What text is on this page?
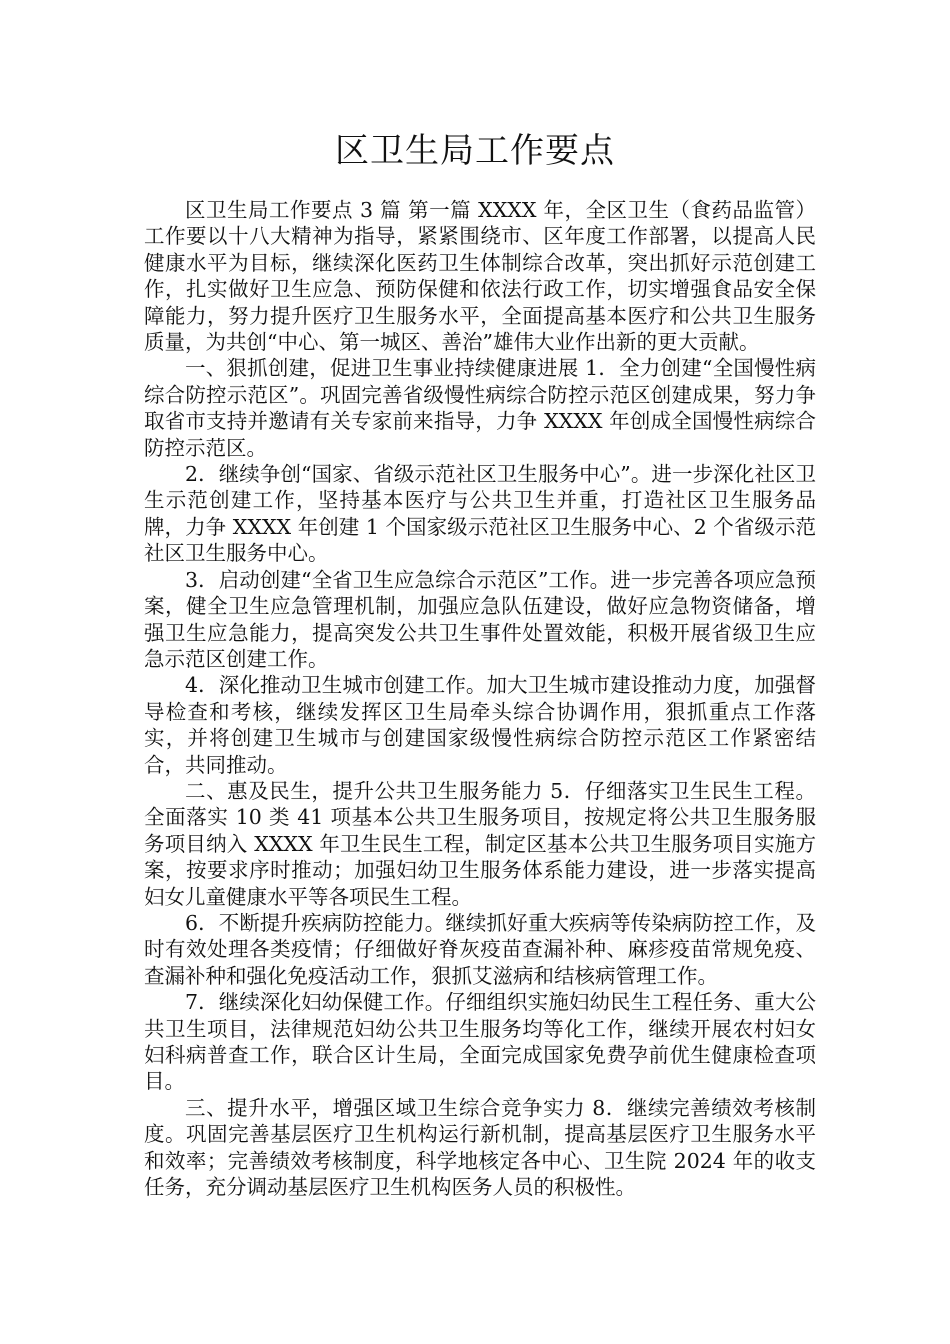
区卫生局工作要点

区卫生局工作要点 3 篇 第一篇 XXXX 年，全区卫生（食药品监管）工作要以十八大精神为指导，紧紧围绕市、区年度工作部署，以提高人民健康水平为目标，继续深化医药卫生体制综合改革，突出抓好示范创建工作，扎实做好卫生应急、预防保健和依法行政工作，切实增强食品安全保障能力，努力提升医疗卫生服务水平，全面提高基本医疗和公共卫生服务质量，为共创“中心、第一城区、善治”雄伟大业作出新的更大贡献。

一、狠抓创建，促进卫生事业持续健康进展 1．全力创建“全国慢性病综合防控示范区”。巩固完善省级慢性病综合防控示范区创建成果，努力争取省市支持并邀请有关专家前来指导，力争 XXXX 年创成全国慢性病综合防控示范区。

2．继续争创“国家、省级示范社区卫生服务中心”。进一步深化社区卫生示范创建工作，坚持基本医疗与公共卫生并重，打造社区卫生服务品牌，力争 XXXX 年创建 1 个国家级示范社区卫生服务中心、2 个省级示范社区卫生服务中心。

3．启动创建“全省卫生应急综合示范区”工作。进一步完善各项应急预案，健全卫生应急管理机制，加强应急队伍建设，做好应急物资储备，增强卫生应急能力，提高突发公共卫生事件处置效能，积极开展省级卫生应急示范区创建工作。

4．深化推动卫生城市创建工作。加大卫生城市建设推动力度，加强督导检查和考核，继续发挥区卫生局牵头综合协调作用，狠抓重点工作落实，并将创建卫生城市与创建国家级慢性病综合防控示范区工作紧密结合，共同推动。

二、惠及民生，提升公共卫生服务能力 5．仔细落实卫生民生工程。全面落实 10 类 41 项基本公共卫生服务项目，按规定将公共卫生服务服务项目纳入 XXXX 年卫生民生工程，制定区基本公共卫生服务项目实施方案，按要求序时推动；加强妇幼卫生服务体系能力建设，进一步落实提高妇女儿童健康水平等各项民生工程。

6．不断提升疾病防控能力。继续抓好重大疾病等传染病防控工作，及时有效处理各类疫情；仔细做好脊灰疫苗查漏补种、麻疹疫苗常规免疫、查漏补种和强化免疫活动工作，狠抓艾滋病和结核病管理工作。

7．继续深化妇幼保健工作。仔细组织实施妇幼民生工程任务、重大公共卫生项目，法律规范妇幼公共卫生服务均等化工作，继续开展农村妇女妇科病普查工作，联合区计生局，全面完成国家免费孕前优生健康检查项目。

三、提升水平，增强区域卫生综合竞争实力 8．继续完善绩效考核制度。巩固完善基层医疗卫生机构运行新机制，提高基层医疗卫生服务水平和效率；完善绩效考核制度，科学地核定各中心、卫生院 2024 年的收支任务，充分调动基层医疗卫生机构医务人员的积极性。
